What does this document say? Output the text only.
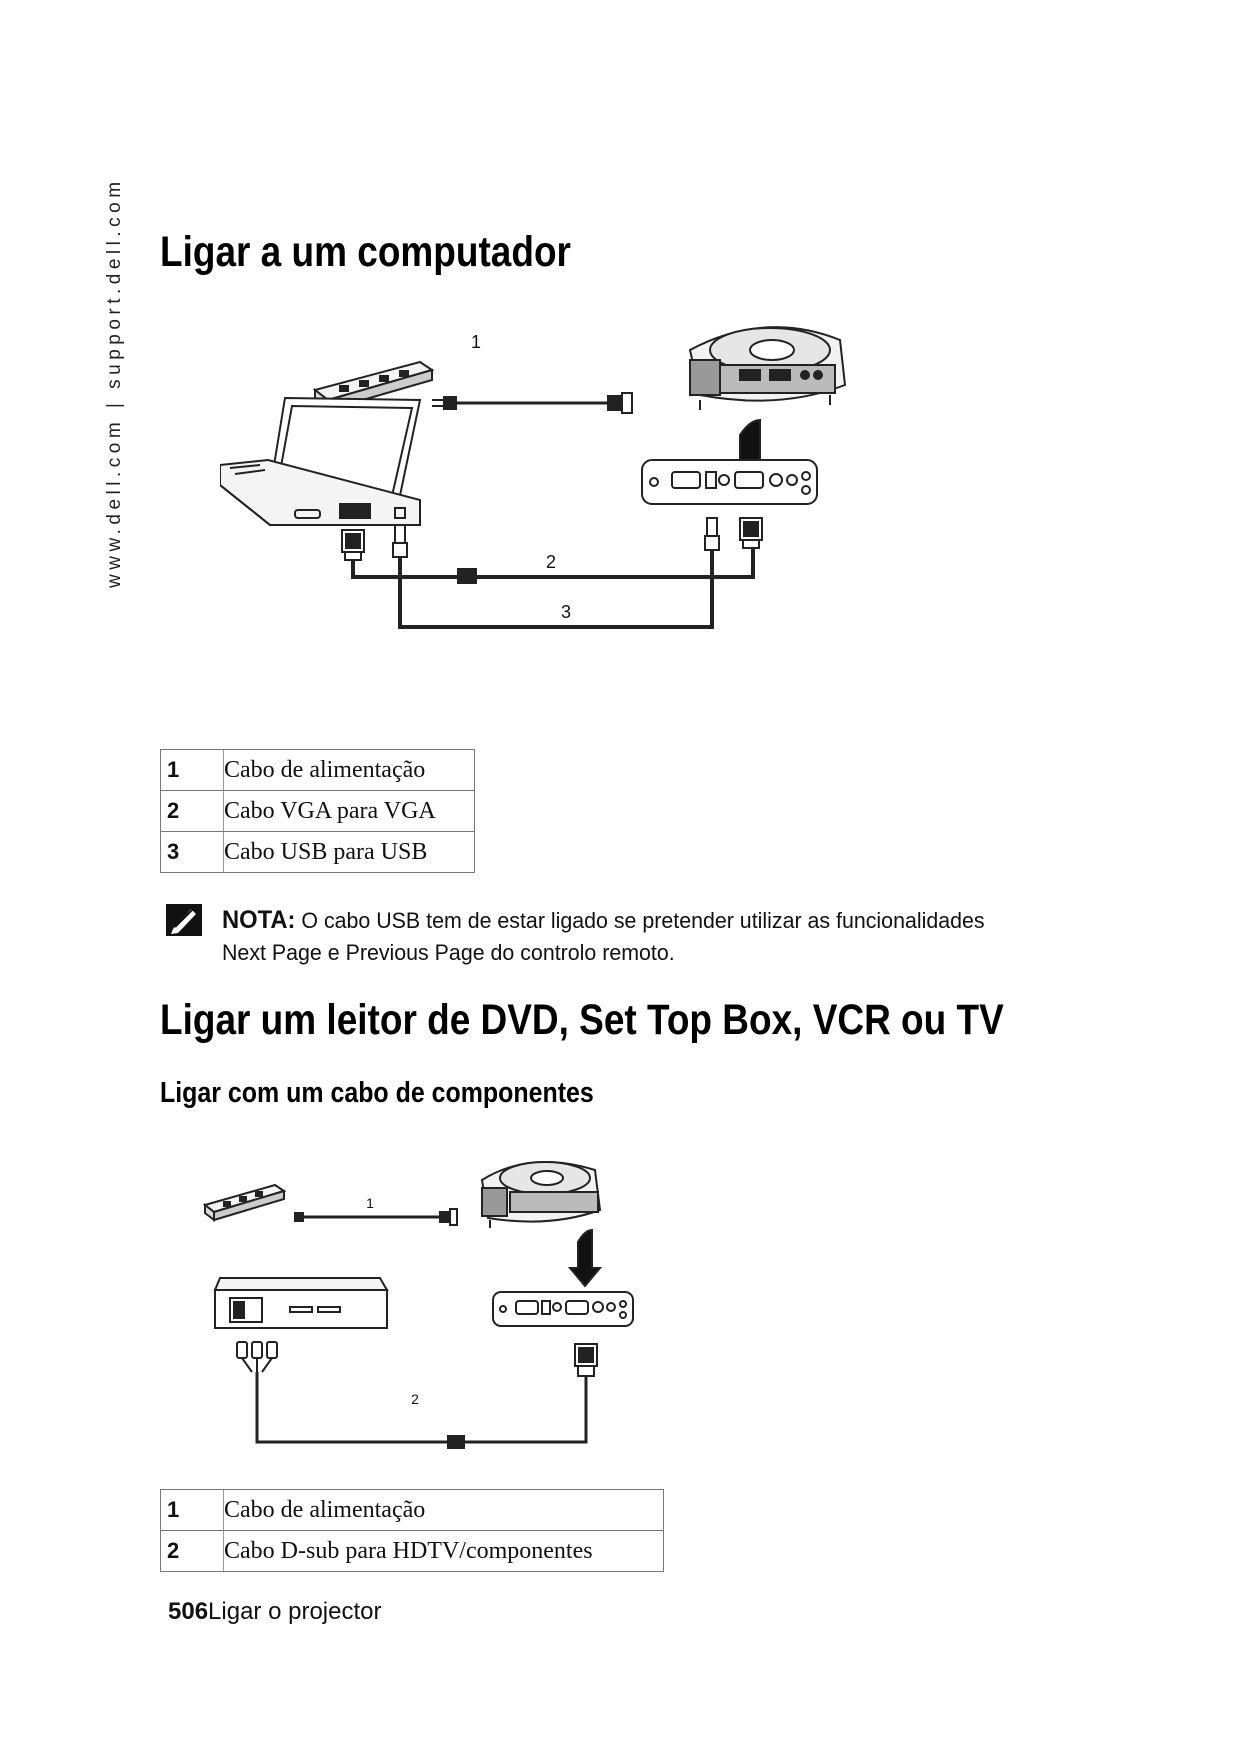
www.dell.com | support.dell.com Ligar a um computador
1
2
3
1	Cabo de alimentação
2	Cabo VGA para VGA
3	Cabo USB para USB
NOTA: O cabo USB tem de estar ligado se pretender utilizar as funcionalidades Next Page e Previous Page do controlo remoto.
Ligar um leitor de DVD, Set Top Box, VCR ou TV
Ligar com um cabo de componentes
1
2
1	Cabo de alimentação
2	Cabo D-sub para HDTV/componentes
506Ligar o projector
